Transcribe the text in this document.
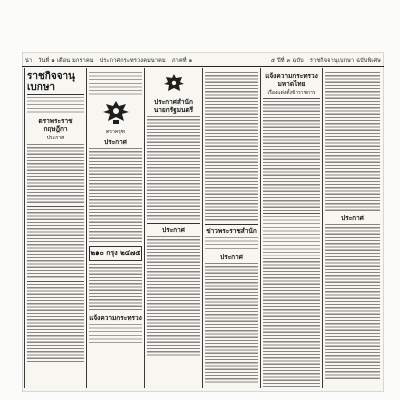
น่า วันที่ ๑ เดือน มกราคม ประกาศกระทรวงคมนาคม ภาคที่ ๑	๕ ปีที่ ๓ ฉบับ ราชกิจจานุเบกษา ฉบับพิเศษ
ราชกิจจานุเบกษา
ตราพระราชกฤษฎีกา
ประกาศ
ตราครุฑ
ประกาศ
๒๑๐ กรุง ๒๔๗๕
แจ้งความกระทรวง
ประกาศสำนักนายกรัฐมนตรี
ประกาศ	ข่าวพระราชสำนัก
ประกาศ
แจ้งความกระทรวงมหาดไทย
เรื่องแต่งตั้งข้าราชการ
ประกาศ
